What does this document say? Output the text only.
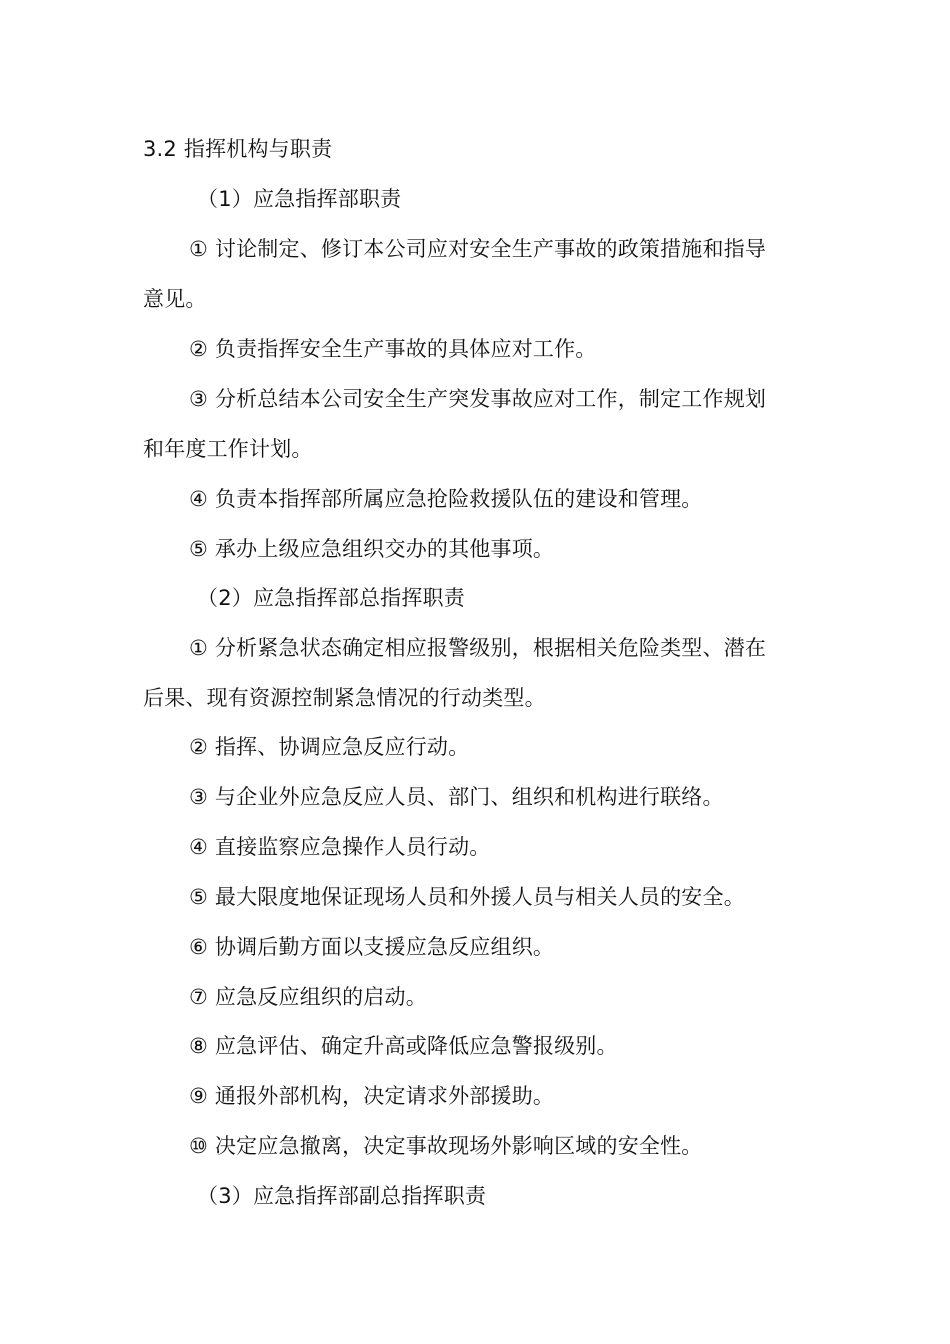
3.2 指挥机构与职责
（1）应急指挥部职责
① 讨论制定、修订本公司应对安全生产事故的政策措施和指导
意见。
② 负责指挥安全生产事故的具体应对工作。
③ 分析总结本公司安全生产突发事故应对工作，制定工作规划
和年度工作计划。
④ 负责本指挥部所属应急抢险救援队伍的建设和管理。
⑤ 承办上级应急组织交办的其他事项。
（2）应急指挥部总指挥职责
① 分析紧急状态确定相应报警级别，根据相关危险类型、潜在
后果、现有资源控制紧急情况的行动类型。
② 指挥、协调应急反应行动。
③ 与企业外应急反应人员、部门、组织和机构进行联络。
④ 直接监察应急操作人员行动。
⑤ 最大限度地保证现场人员和外援人员与相关人员的安全。
⑥ 协调后勤方面以支援应急反应组织。
⑦ 应急反应组织的启动。
⑧ 应急评估、确定升高或降低应急警报级别。
⑨ 通报外部机构，决定请求外部援助。
⑩ 决定应急撤离，决定事故现场外影响区域的安全性。
（3）应急指挥部副总指挥职责
